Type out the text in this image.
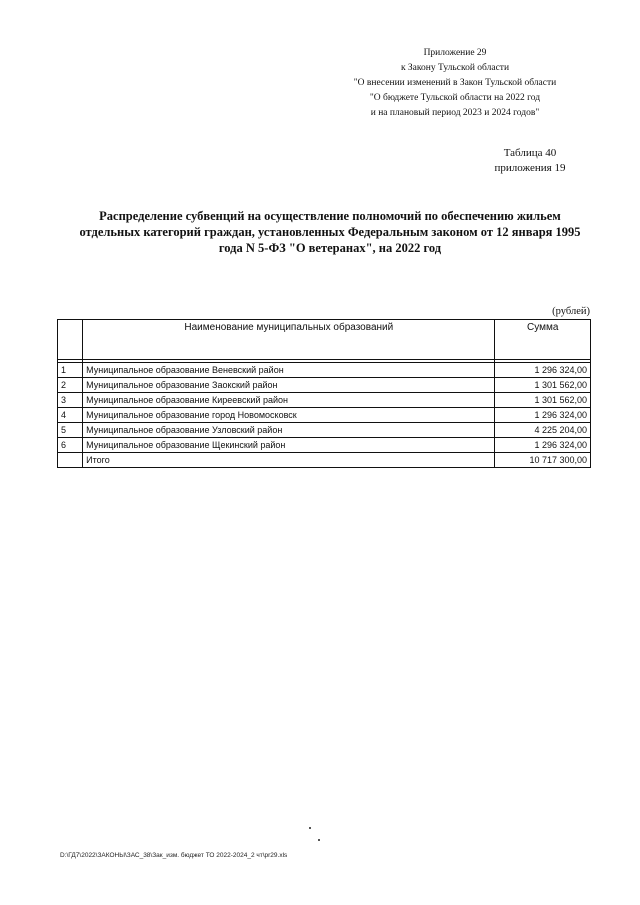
Приложение 29
к Закону Тульской области
"О внесении изменений в Закон Тульской области
"О бюджете Тульской области на 2022 год
и на плановый период 2023 и 2024 годов"
Таблица 40
приложения 19
Распределение субвенций на осуществление полномочий по обеспечению жильем
отдельных категорий граждан, установленных Федеральным законом от 12 января 1995
года N 5-ФЗ "О ветеранах", на 2022 год
(рублей)
	Наименование муниципальных образований	Сумма

1	Муниципальное образование Веневский район	1 296 324,00
2	Муниципальное образование Заокский район	1 301 562,00
3	Муниципальное образование Киреевский район	1 301 562,00
4	Муниципальное образование город Новомосковск	1 296 324,00
5	Муниципальное образование Узловский район	4 225 204,00
6	Муниципальное образование Щекинский район	1 296 324,00
	Итого	10 717 300,00
D:\ГД7\2022\ЗАКОНЫ\ЗАС_38\Зак_изм. бюджет ТО 2022-2024_2 чт\pr29.xls
